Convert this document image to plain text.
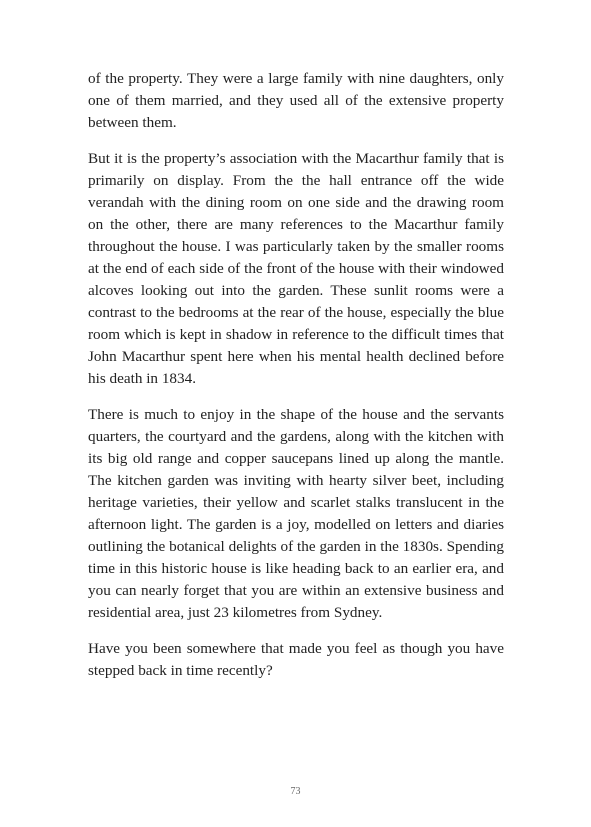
of the property. They were a large family with nine daughters, only one of them married, and they used all of the extensive property between them.

But it is the property’s association with the Macarthur family that is primarily on display. From the the hall entrance off the wide verandah with the dining room on one side and the drawing room on the other, there are many references to the Macarthur family throughout the house. I was particularly taken by the smaller rooms at the end of each side of the front of the house with their windowed alcoves looking out into the garden. These sunlit rooms were a contrast to the bedrooms at the rear of the house, especially the blue room which is kept in shadow in reference to the difficult times that John Macarthur spent here when his mental health declined before his death in 1834.

There is much to enjoy in the shape of the house and the servants quarters, the courtyard and the gardens, along with the kitchen with its big old range and copper saucepans lined up along the mantle. The kitchen garden was inviting with hearty silver beet, including heritage varieties, their yellow and scarlet stalks translucent in the afternoon light. The garden is a joy, modelled on letters and diaries outlining the botanical delights of the garden in the 1830s. Spending time in this historic house is like heading back to an earlier era, and you can nearly forget that you are within an extensive business and residential area, just 23 kilometres from Sydney.

Have you been somewhere that made you feel as though you have stepped back in time recently?

73
